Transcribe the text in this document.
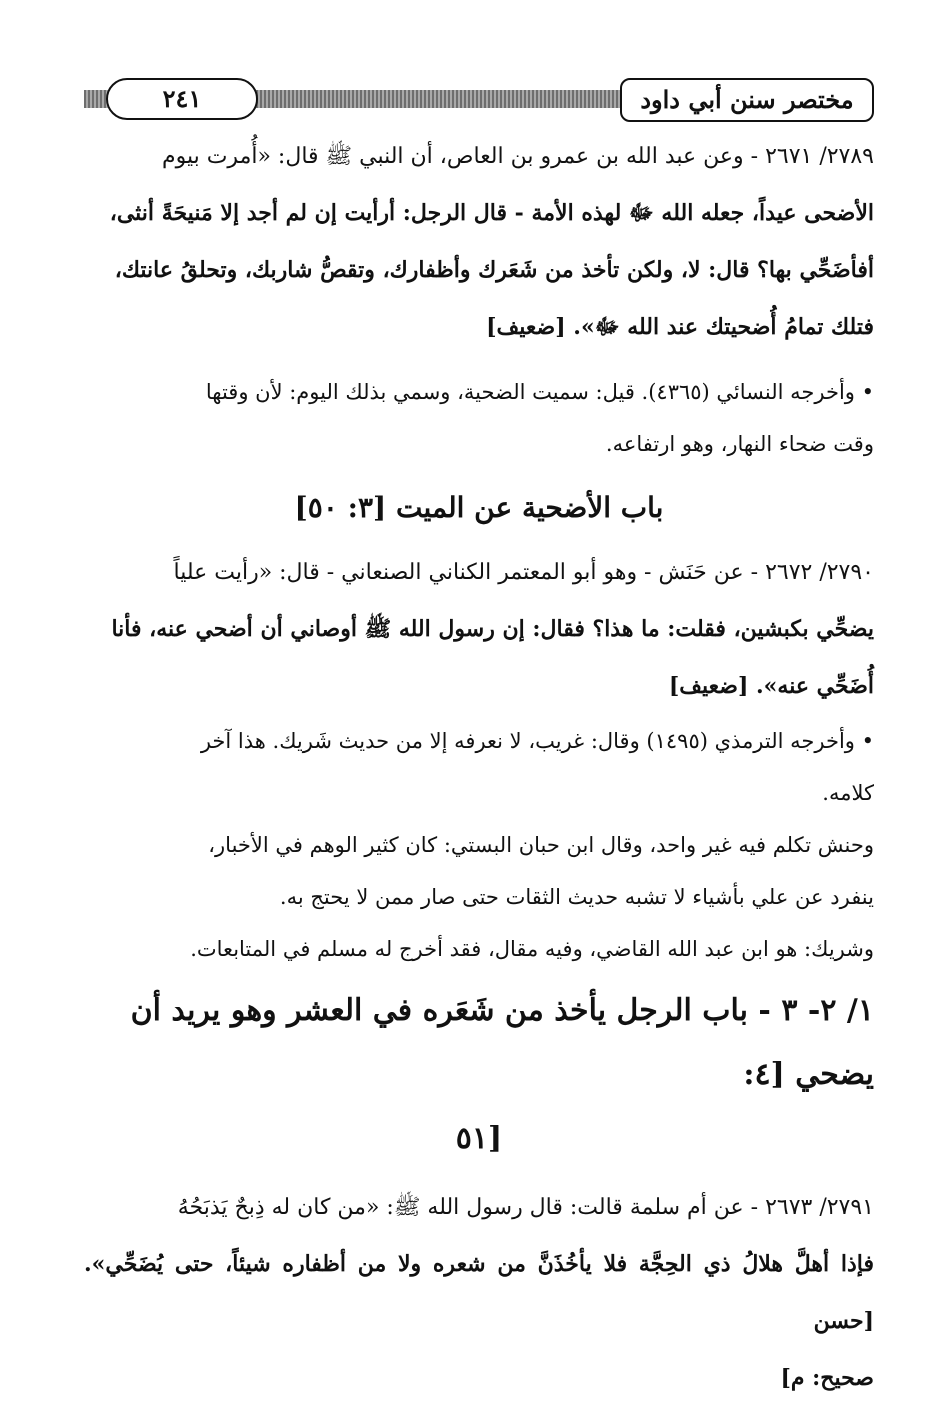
٢٤١	مختصر سنن أبي داود

٢٧٨٩/ ٢٦٧١ - وعن عبد الله بن عمرو بن العاص، أن النبي ﷺ قال: «أُمرت بيوم

الأضحى عيداً، جعله الله ﷻ لهذه الأمة - قال الرجل: أرأيت إن لم أجد إلا مَنيحَةً أنثى،

أفأضَحِّي بها؟ قال: لا، ولكن تأخذ من شَعَرك وأظفارك، وتقصُّ شاربك، وتحلقُ عانتك،

فتلك تمامُ أُضحيتك عند الله ﷻ». [ضعيف]

• وأخرجه النسائي (٤٣٦٥). قيل: سميت الضحية، وسمي بذلك اليوم: لأن وقتها

وقت ضحاء النهار، وهو ارتفاعه.

باب الأضحية عن الميت [٣: ٥٠]

٢٧٩٠/ ٢٦٧٢ - عن حَنَش - وهو أبو المعتمر الكناني الصنعاني - قال: «رأيت علياً

يضحِّي بكبشين، فقلت: ما هذا؟ فقال: إن رسول الله ﷺ أوصاني أن أضحي عنه، فأنا

أُضَحِّي عنه». [ضعيف]

• وأخرجه الترمذي (١٤٩٥) وقال: غريب، لا نعرفه إلا من حديث شَريك. هذا آخر

كلامه.

وحنش تكلم فيه غير واحد، وقال ابن حبان البستي: كان كثير الوهم في الأخبار،

ينفرد عن علي بأشياء لا تشبه حديث الثقات حتى صار ممن لا يحتج به.

وشريك: هو ابن عبد الله القاضي، وفيه مقال، فقد أخرج له مسلم في المتابعات.

١/ ٢- ٣ - باب الرجل يأخذ من شَعَره في العشر وهو يريد أن يضحي [٤:
[٥١

٢٧٩١/ ٢٦٧٣ - عن أم سلمة قالت: قال رسول الله ﷺ: «من كان له ذِبحٌ يَذبَحُهُ

فإذا أهلَّ هلالُ ذي الحِجَّة فلا يأخُذَنَّ من شعره ولا من أظفاره شيئاً، حتى يُضَحِّي». [حسن

صحيح: م]
